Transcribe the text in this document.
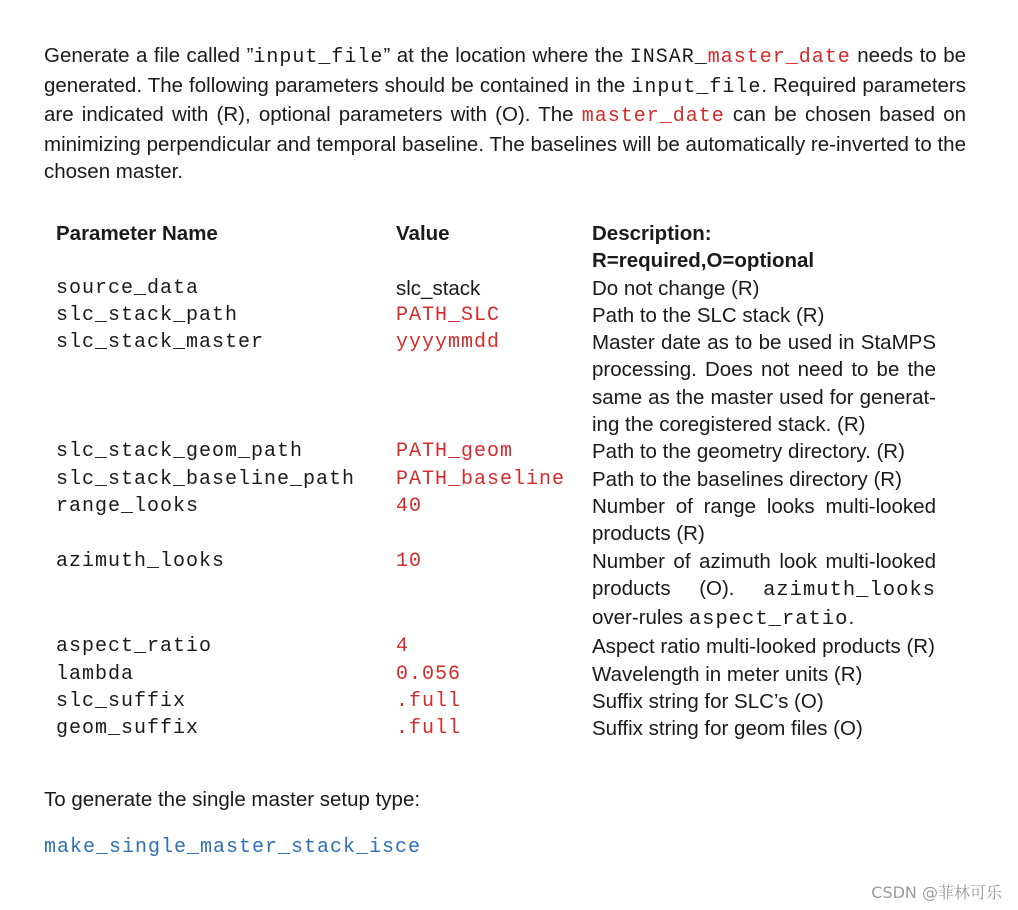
Generate a file called ”input_file” at the location where the INSAR_master_date needs to be generated. The following parameters should be contained in the input_file. Required parameters are indicated with (R), optional parameters with (O). The master_date can be chosen based on minimizing perpendicular and temporal baseline. The baselines will be automatically re-inverted to the chosen master.

Parameter Name	Value	Description:
R=required,O=optional
source_data	slc_stack	Do not change (R)
slc_stack_path	PATH_SLC	Path to the SLC stack (R)
slc_stack_master	yyyymmdd	Master date as to be used in StaMPS processing. Does not need to be the same as the master used for generat-ing the coregistered stack. (R)
slc_stack_geom_path	PATH_geom	Path to the geometry directory. (R)
slc_stack_baseline_path	PATH_baseline	Path to the baselines directory (R)
range_looks	40	Number of range looks multi-looked products (R)
azimuth_looks	10	Number of azimuth look multi-looked products (O). azimuth_looks over-rules aspect_ratio.
aspect_ratio	4	Aspect ratio multi-looked products (R)
lambda	0.056	Wavelength in meter units (R)
slc_suffix	.full	Suffix string for SLC’s (O)
geom_suffix	.full	Suffix string for geom files (O)
To generate the single master setup type:
make_single_master_stack_isce
CSDN @菲林可乐
